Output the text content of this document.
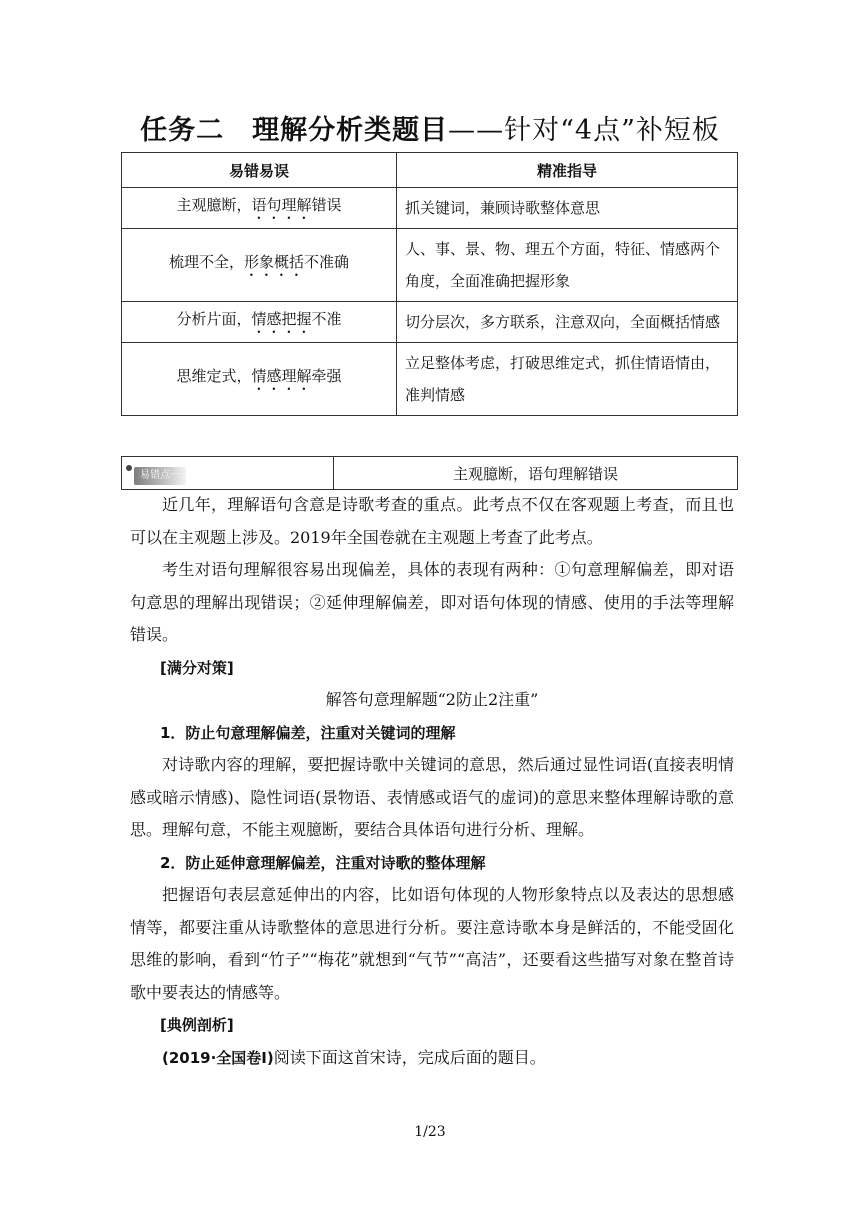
任务二　理解分析类题目——针对“4点”补短板
易错易误	精准指导
主观臆断，语句理解错误	抓关键词，兼顾诗歌整体意思
梳理不全，形象概括不准确	人、事、景、物、理五个方面，特征、情感两个角度，全面准确把握形象
分析片面，情感把握不准	切分层次，多方联系，注意双向，全面概括情感
思维定式，情感理解牵强	立足整体考虑，打破思维定式，抓住情语情由，准判情感
易错点一	主观臆断，语句理解错误

近几年，理解语句含意是诗歌考查的重点。此考点不仅在客观题上考查，而且也可以在主观题上涉及。2019年全国卷就在主观题上考查了此考点。

考生对语句理解很容易出现偏差，具体的表现有两种：①句意理解偏差，即对语句意思的理解出现错误；②延伸理解偏差，即对语句体现的情感、使用的手法等理解错误。

[满分对策]

解答句意理解题“2防止2注重”

1．防止句意理解偏差，注重对关键词的理解

对诗歌内容的理解，要把握诗歌中关键词的意思，然后通过显性词语(直接表明情感或暗示情感)、隐性词语(景物语、表情感或语气的虚词)的意思来整体理解诗歌的意思。理解句意，不能主观臆断，要结合具体语句进行分析、理解。

2．防止延伸意理解偏差，注重对诗歌的整体理解

把握语句表层意延伸出的内容，比如语句体现的人物形象特点以及表达的思想感情等，都要注重从诗歌整体的意思进行分析。要注意诗歌本身是鲜活的，不能受固化思维的影响，看到“竹子”“梅花”就想到“气节”“高洁”，还要看这些描写对象在整首诗歌中要表达的情感等。

[典例剖析]

(2019·全国卷Ⅰ)阅读下面这首宋诗，完成后面的题目。

1/23
